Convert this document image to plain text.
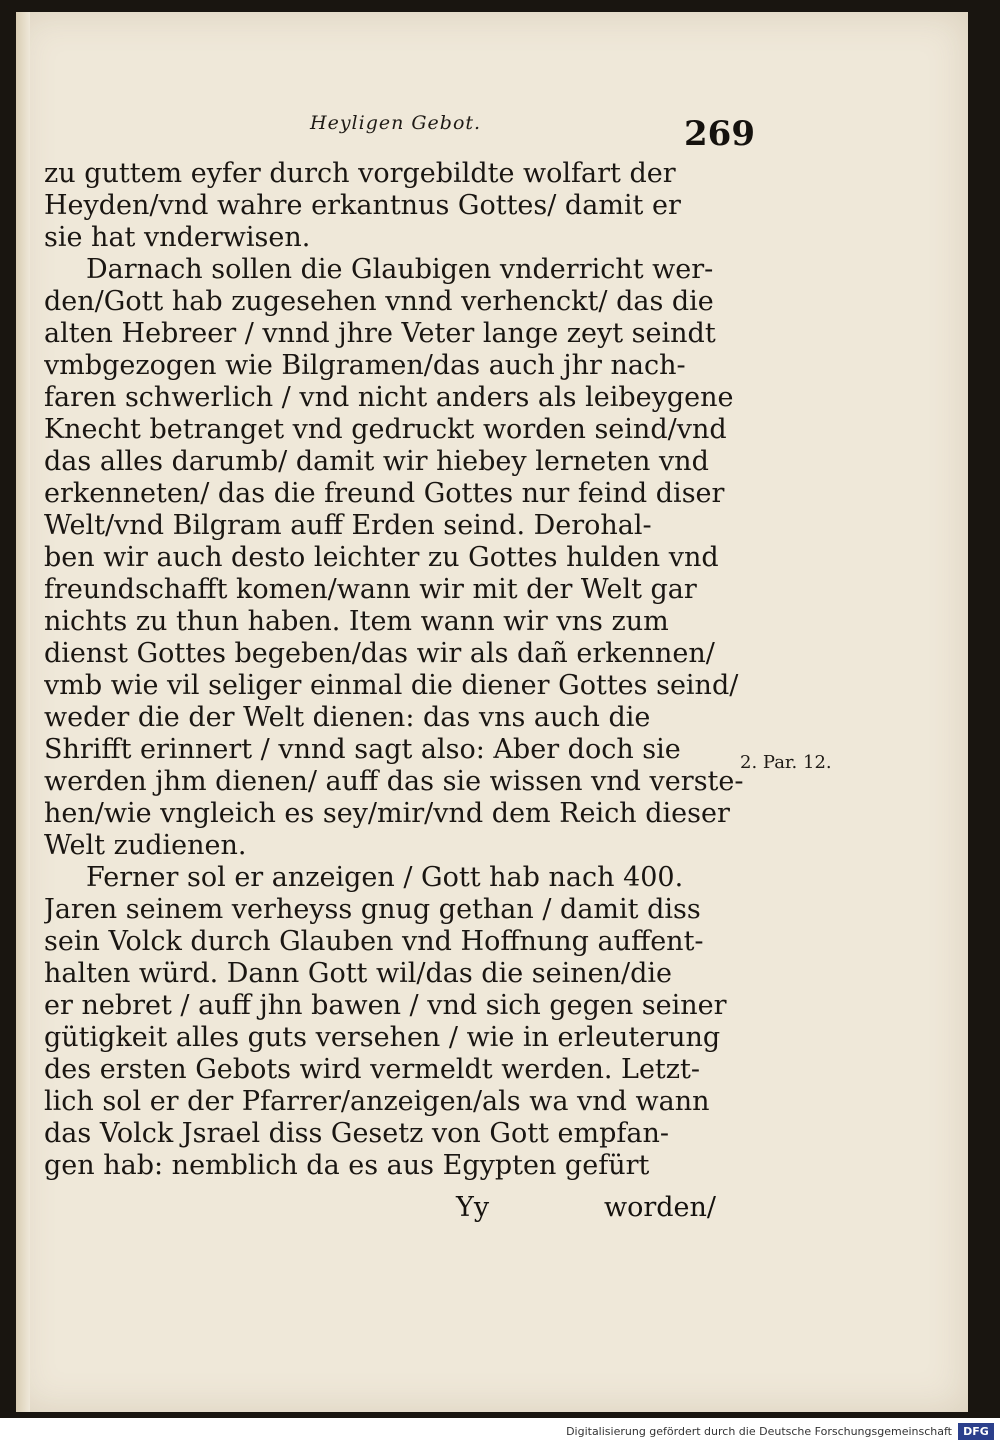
Heyligen Gebot.	269
zu guttem eyfer durch vorgebildte wolfart der
Heyden/vnd wahre erkantnus Gottes/ damit er
sie hat vnderwisen.
Darnach sollen die Glaubigen vnderricht wer-
den/Gott hab zugesehen vnnd verhenckt/ das die
alten Hebreer / vnnd jhre Veter lange zeyt seindt
vmbgezogen wie Bilgramen/das auch jhr nach-
faren schwerlich / vnd nicht anders als leibeygene
Knecht betranget vnd gedruckt worden seind/vnd
das alles darumb/ damit wir hiebey lerneten vnd
erkenneten/ das die freund Gottes nur feind diser
Welt/vnd Bilgram auff Erden seind. Derohal-
ben wir auch desto leichter zu Gottes hulden vnd
freundschafft komen/wann wir mit der Welt gar
nichts zu thun haben. Item wann wir vns zum
dienst Gottes begeben/das wir als dañ erkennen/
vmb wie vil seliger einmal die diener Gottes seind/
weder die der Welt dienen: das vns auch die
Shrifft erinnert / vnnd sagt also: Aber doch sie
werden jhm dienen/ auff das sie wissen vnd verste-
hen/wie vngleich es sey/mir/vnd dem Reich dieser
Welt zudienen.
Ferner sol er anzeigen / Gott hab nach 400.
Jaren seinem verheyss gnug gethan / damit diss
sein Volck durch Glauben vnd Hoffnung auffent-
halten würd. Dann Gott wil/das die seinen/die
er nebret / auff jhn bawen / vnd sich gegen seiner
gütigkeit alles guts versehen / wie in erleuterung
des ersten Gebots wird vermeldt werden. Letzt-
lich sol er der Pfarrer/anzeigen/als wa vnd wann
das Volck Jsrael diss Gesetz von Gott empfan-
gen hab: nemblich da es aus Egypten gefürt
2. Par. 12.
Yy	worden/
Digitalisierung gefördert durch die Deutsche Forschungsgemeinschaft	DFG
